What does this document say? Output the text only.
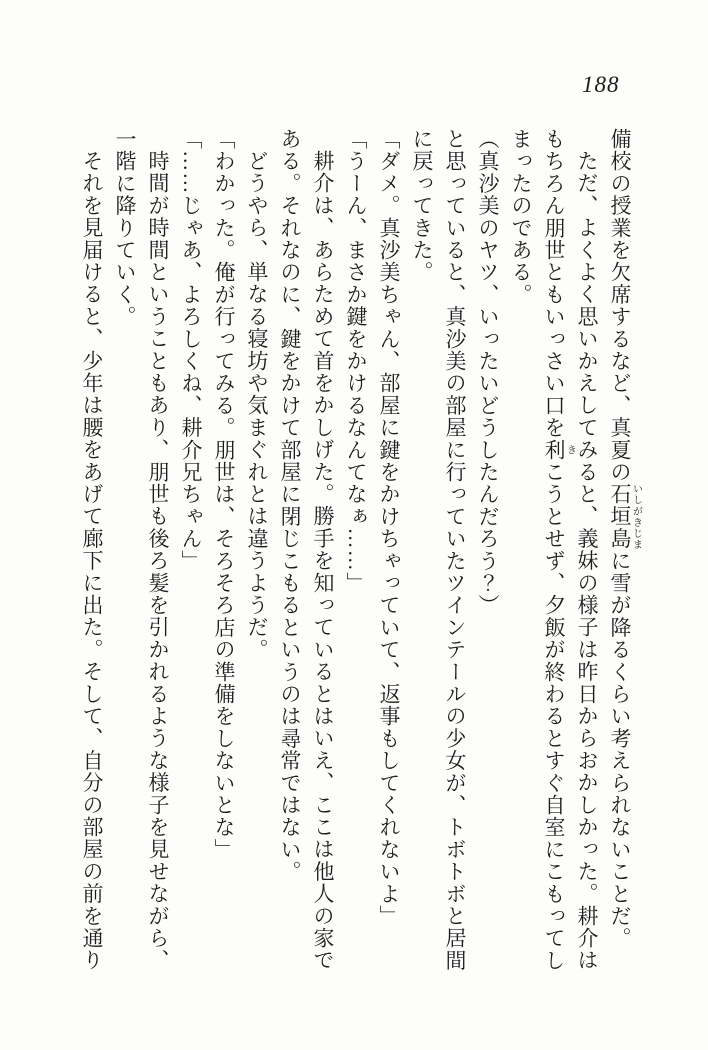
188

備校の授業を欠席するなど、真夏の石垣島いしがきじまに雪が降るくらい考えられないことだ。

ただ、よくよく思いかえしてみると、義妹の様子は昨日からおかしかった。耕介はもちろん朋世ともいっさい口を利きこうとせず、夕飯が終わるとすぐ自室にこもってしまったのである。

（真沙美のヤツ、いったいどうしたんだろう？）

と思っていると、真沙美の部屋に行っていたツインテールの少女が、トボトボと居間に戻ってきた。

「ダメ。真沙美ちゃん、部屋に鍵をかけちゃっていて、返事もしてくれないよ」

「うーん、まさか鍵をかけるなんてなぁ……」

耕介は、あらためて首をかしげた。勝手を知っているとはいえ、ここは他人の家である。それなのに、鍵をかけて部屋に閉じこもるというのは尋常ではない。

どうやら、単なる寝坊や気まぐれとは違うようだ。

「わかった。俺が行ってみる。朋世は、そろそろ店の準備をしないとな」

「……じゃあ、よろしくね、耕介兄ちゃん」

時間が時間ということもあり、朋世も後ろ髪を引かれるような様子を見せながら、一階に降りていく。

それを見届けると、少年は腰をあげて廊下に出た。そして、自分の部屋の前を通り
